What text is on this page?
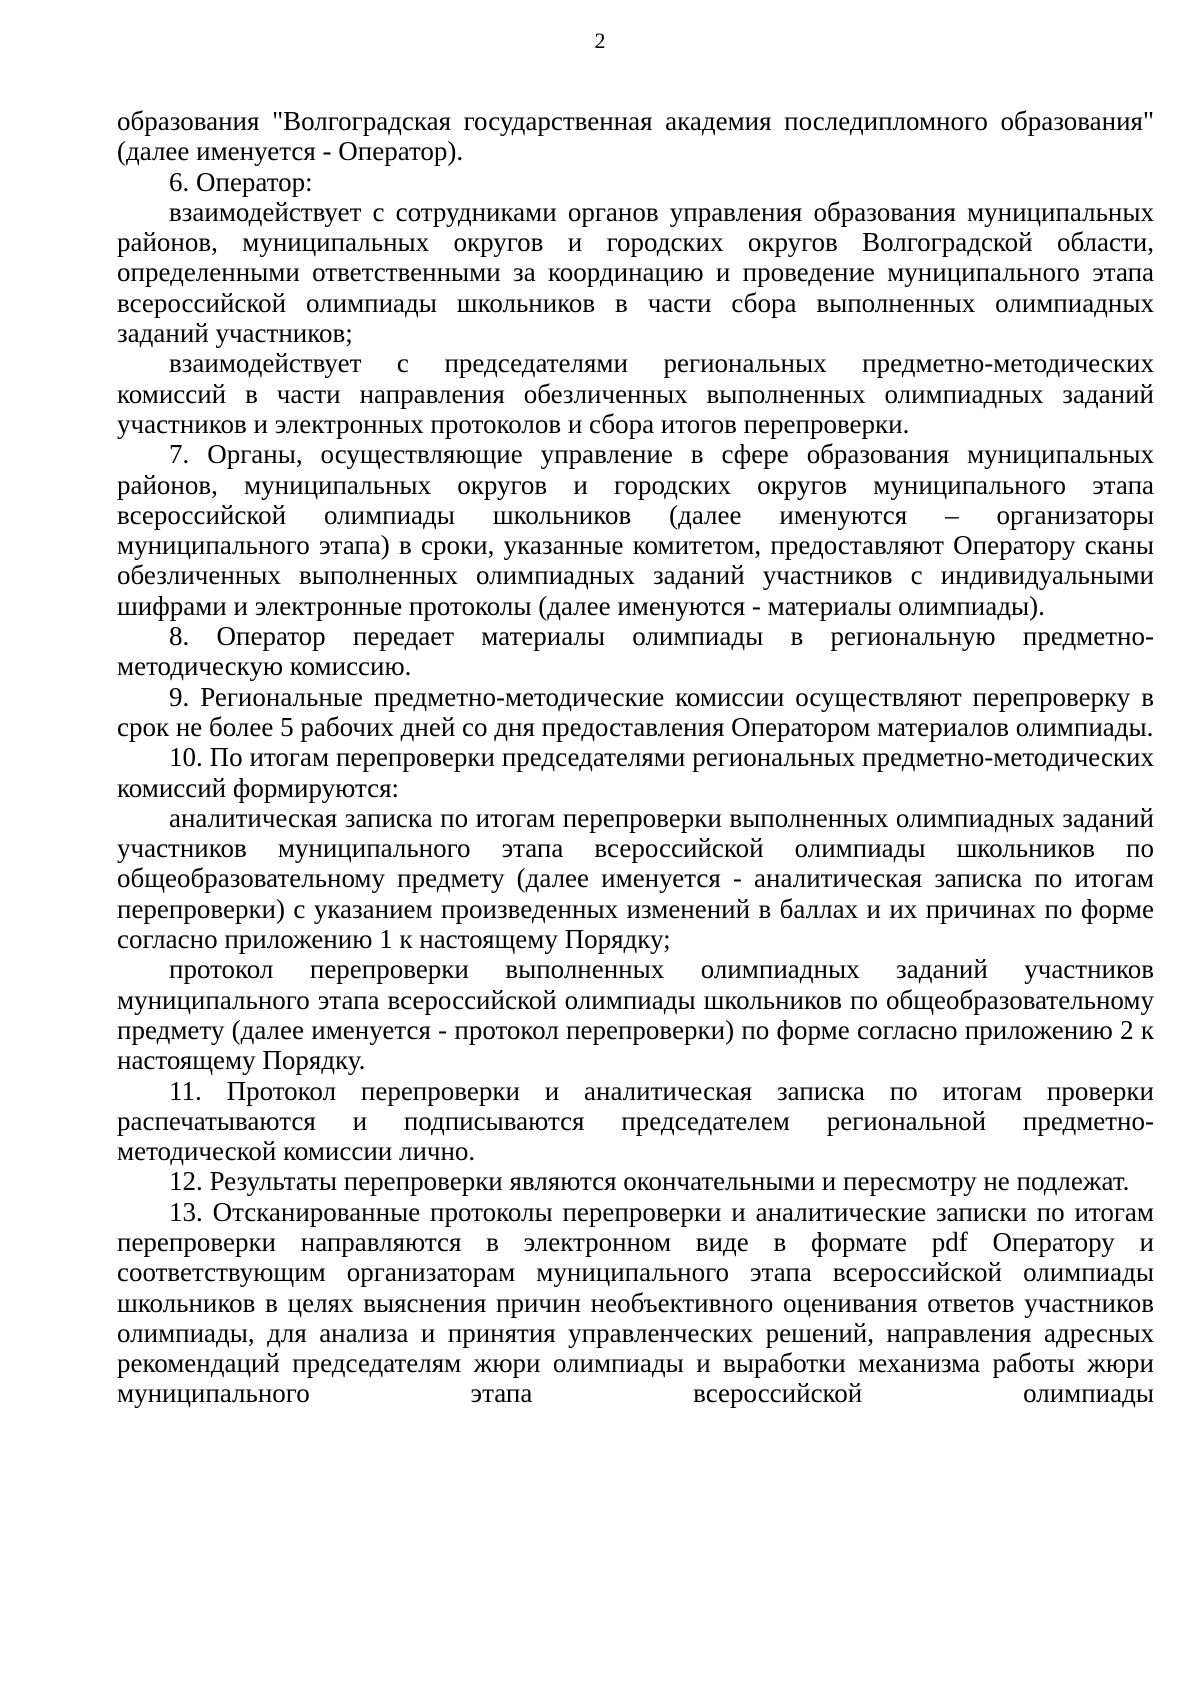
2

образования "Волгоградская государственная академия последипломного образования" (далее именуется - Оператор).

6. Оператор:

взаимодействует с сотрудниками органов управления образования муниципальных районов, муниципальных округов и городских округов Волгоградской области, определенными ответственными за координацию и проведение муниципального этапа всероссийской олимпиады школьников в части сбора выполненных олимпиадных заданий участников;

взаимодействует с председателями региональных предметно-методических комиссий в части направления обезличенных выполненных олимпиадных заданий участников и электронных протоколов и сбора итогов перепроверки.

7. Органы, осуществляющие управление в сфере образования муниципальных районов, муниципальных округов и городских округов муниципального этапа всероссийской олимпиады школьников (далее именуются – организаторы муниципального этапа) в сроки, указанные комитетом, предоставляют Оператору сканы обезличенных выполненных олимпиадных заданий участников с индивидуальными шифрами и электронные протоколы (далее именуются - материалы олимпиады).

8. Оператор передает материалы олимпиады в региональную предметно-методическую комиссию.

9. Региональные предметно-методические комиссии осуществляют перепроверку в срок не более 5 рабочих дней со дня предоставления Оператором материалов олимпиады.

10. По итогам перепроверки председателями региональных предметно-методических комиссий формируются:

аналитическая записка по итогам перепроверки выполненных олимпиадных заданий участников муниципального этапа всероссийской олимпиады школьников по общеобразовательному предмету (далее именуется - аналитическая записка по итогам перепроверки) с указанием произведенных изменений в баллах и их причинах по форме согласно приложению 1 к настоящему Порядку;

протокол перепроверки выполненных олимпиадных заданий участников муниципального этапа всероссийской олимпиады школьников по общеобразовательному предмету (далее именуется - протокол перепроверки) по форме согласно приложению 2 к настоящему Порядку.

11. Протокол перепроверки и аналитическая записка по итогам проверки распечатываются и подписываются председателем региональной предметно-методической комиссии лично.

12. Результаты перепроверки являются окончательными и пересмотру не подлежат.

13. Отсканированные протоколы перепроверки и аналитические записки по итогам перепроверки направляются в электронном виде в формате pdf Оператору и соответствующим организаторам муниципального этапа всероссийской олимпиады школьников в целях выяснения причин необъективного оценивания ответов участников олимпиады, для анализа и принятия управленческих решений, направления адресных рекомендаций председателям жюри олимпиады и выработки механизма работы жюри муниципального этапа всероссийской олимпиады
